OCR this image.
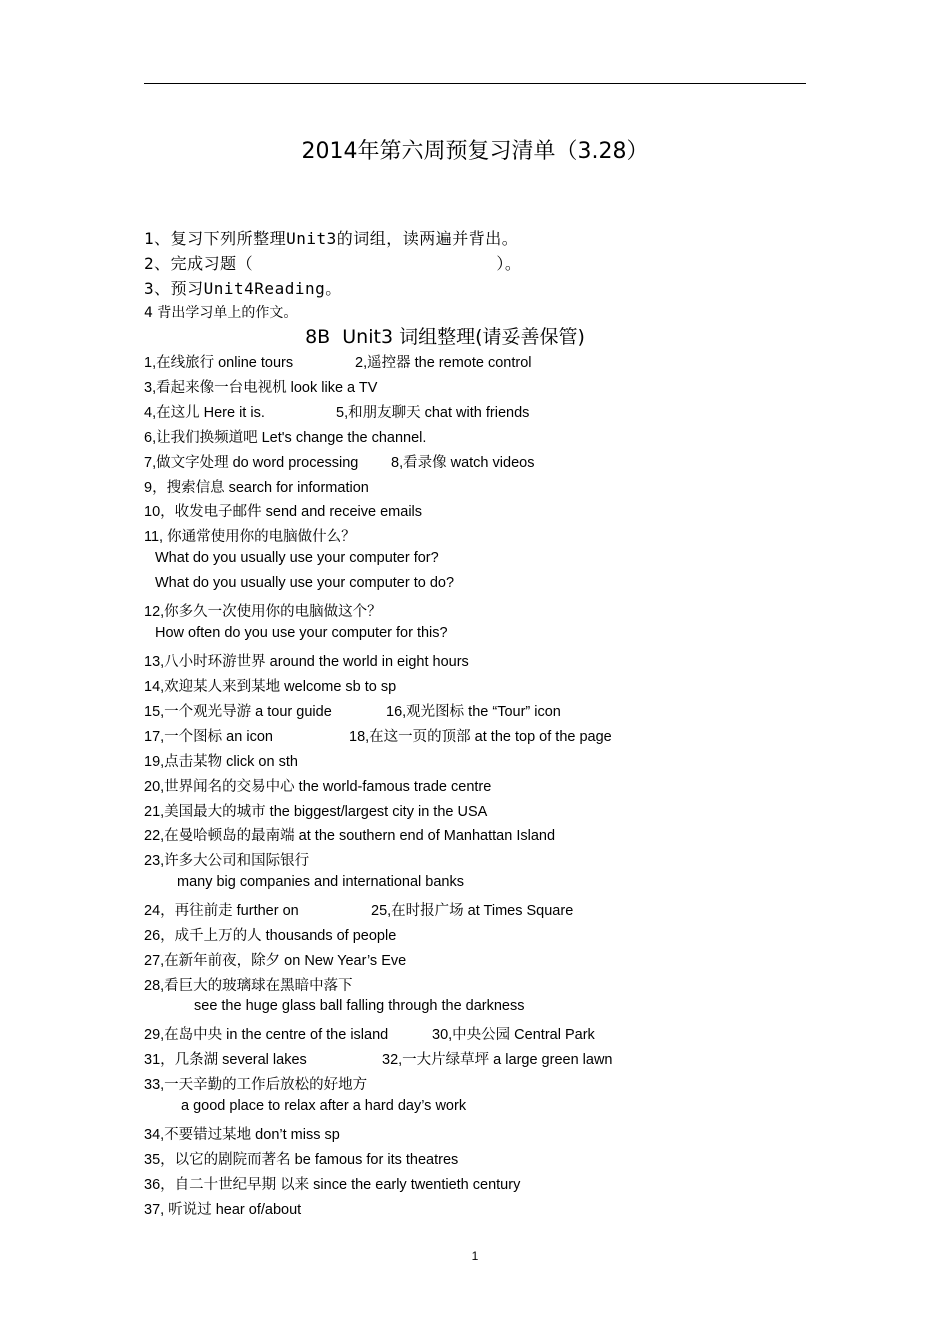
2014年第六周预复习清单（3.28）
1、复习下列所整理Unit3的词组，读两遍并背出。
2、完成习题（                        ）。
3、预习Unit4Reading。
4 背出学习单上的作文。
8B  Unit3 词组整理(请妥善保管)
1,在线旅行 online tours	2,遥控器 the remote control
3,看起来像一台电视机 look like a TV
4,在这儿 Here it is.	5,和朋友聊天 chat with friends
6,让我们换频道吧 Let's change the channel.
7,做文字处理 do word processing 8,看录像 watch videos
9，搜索信息 search for information
10，收发电子邮件 send and receive emails
11, 你通常使用你的电脑做什么？
What do you usually use your computer for?
What do you usually use your computer to do?
12,你多久一次使用你的电脑做这个？
How often do you use your computer for this?
13,八小时环游世界 around the world in eight hours
14,欢迎某人来到某地 welcome sb to sp
15,一个观光导游 a tour guide	16,观光图标 the “Tour” icon
17,一个图标 an icon	18,在这一页的顶部 at the top of the page
19,点击某物 click on sth
20,世界闻名的交易中心 the world-famous trade centre
21,美国最大的城市 the biggest/largest city in the USA
22,在曼哈顿岛的最南端 at the southern end of Manhattan Island
23,许多大公司和国际银行
many big companies and international banks
24，再往前走 further on	25,在时报广场 at Times Square
26，成千上万的人 thousands of people
27,在新年前夜，除夕 on New Year’s Eve
28,看巨大的玻璃球在黑暗中落下
see the huge glass ball falling through the darkness
29,在岛中央 in the centre of the island	30,中央公园 Central Park
31，几条湖 several lakes	32,一大片绿草坪 a large green lawn
33,一天辛勤的工作后放松的好地方
a good place to relax after a hard day’s work
34,不要错过某地 don’t miss sp
35，以它的剧院而著名 be famous for its theatres
36，自二十世纪早期 以来 since the early twentieth century
37, 听说过 hear of/about
1
